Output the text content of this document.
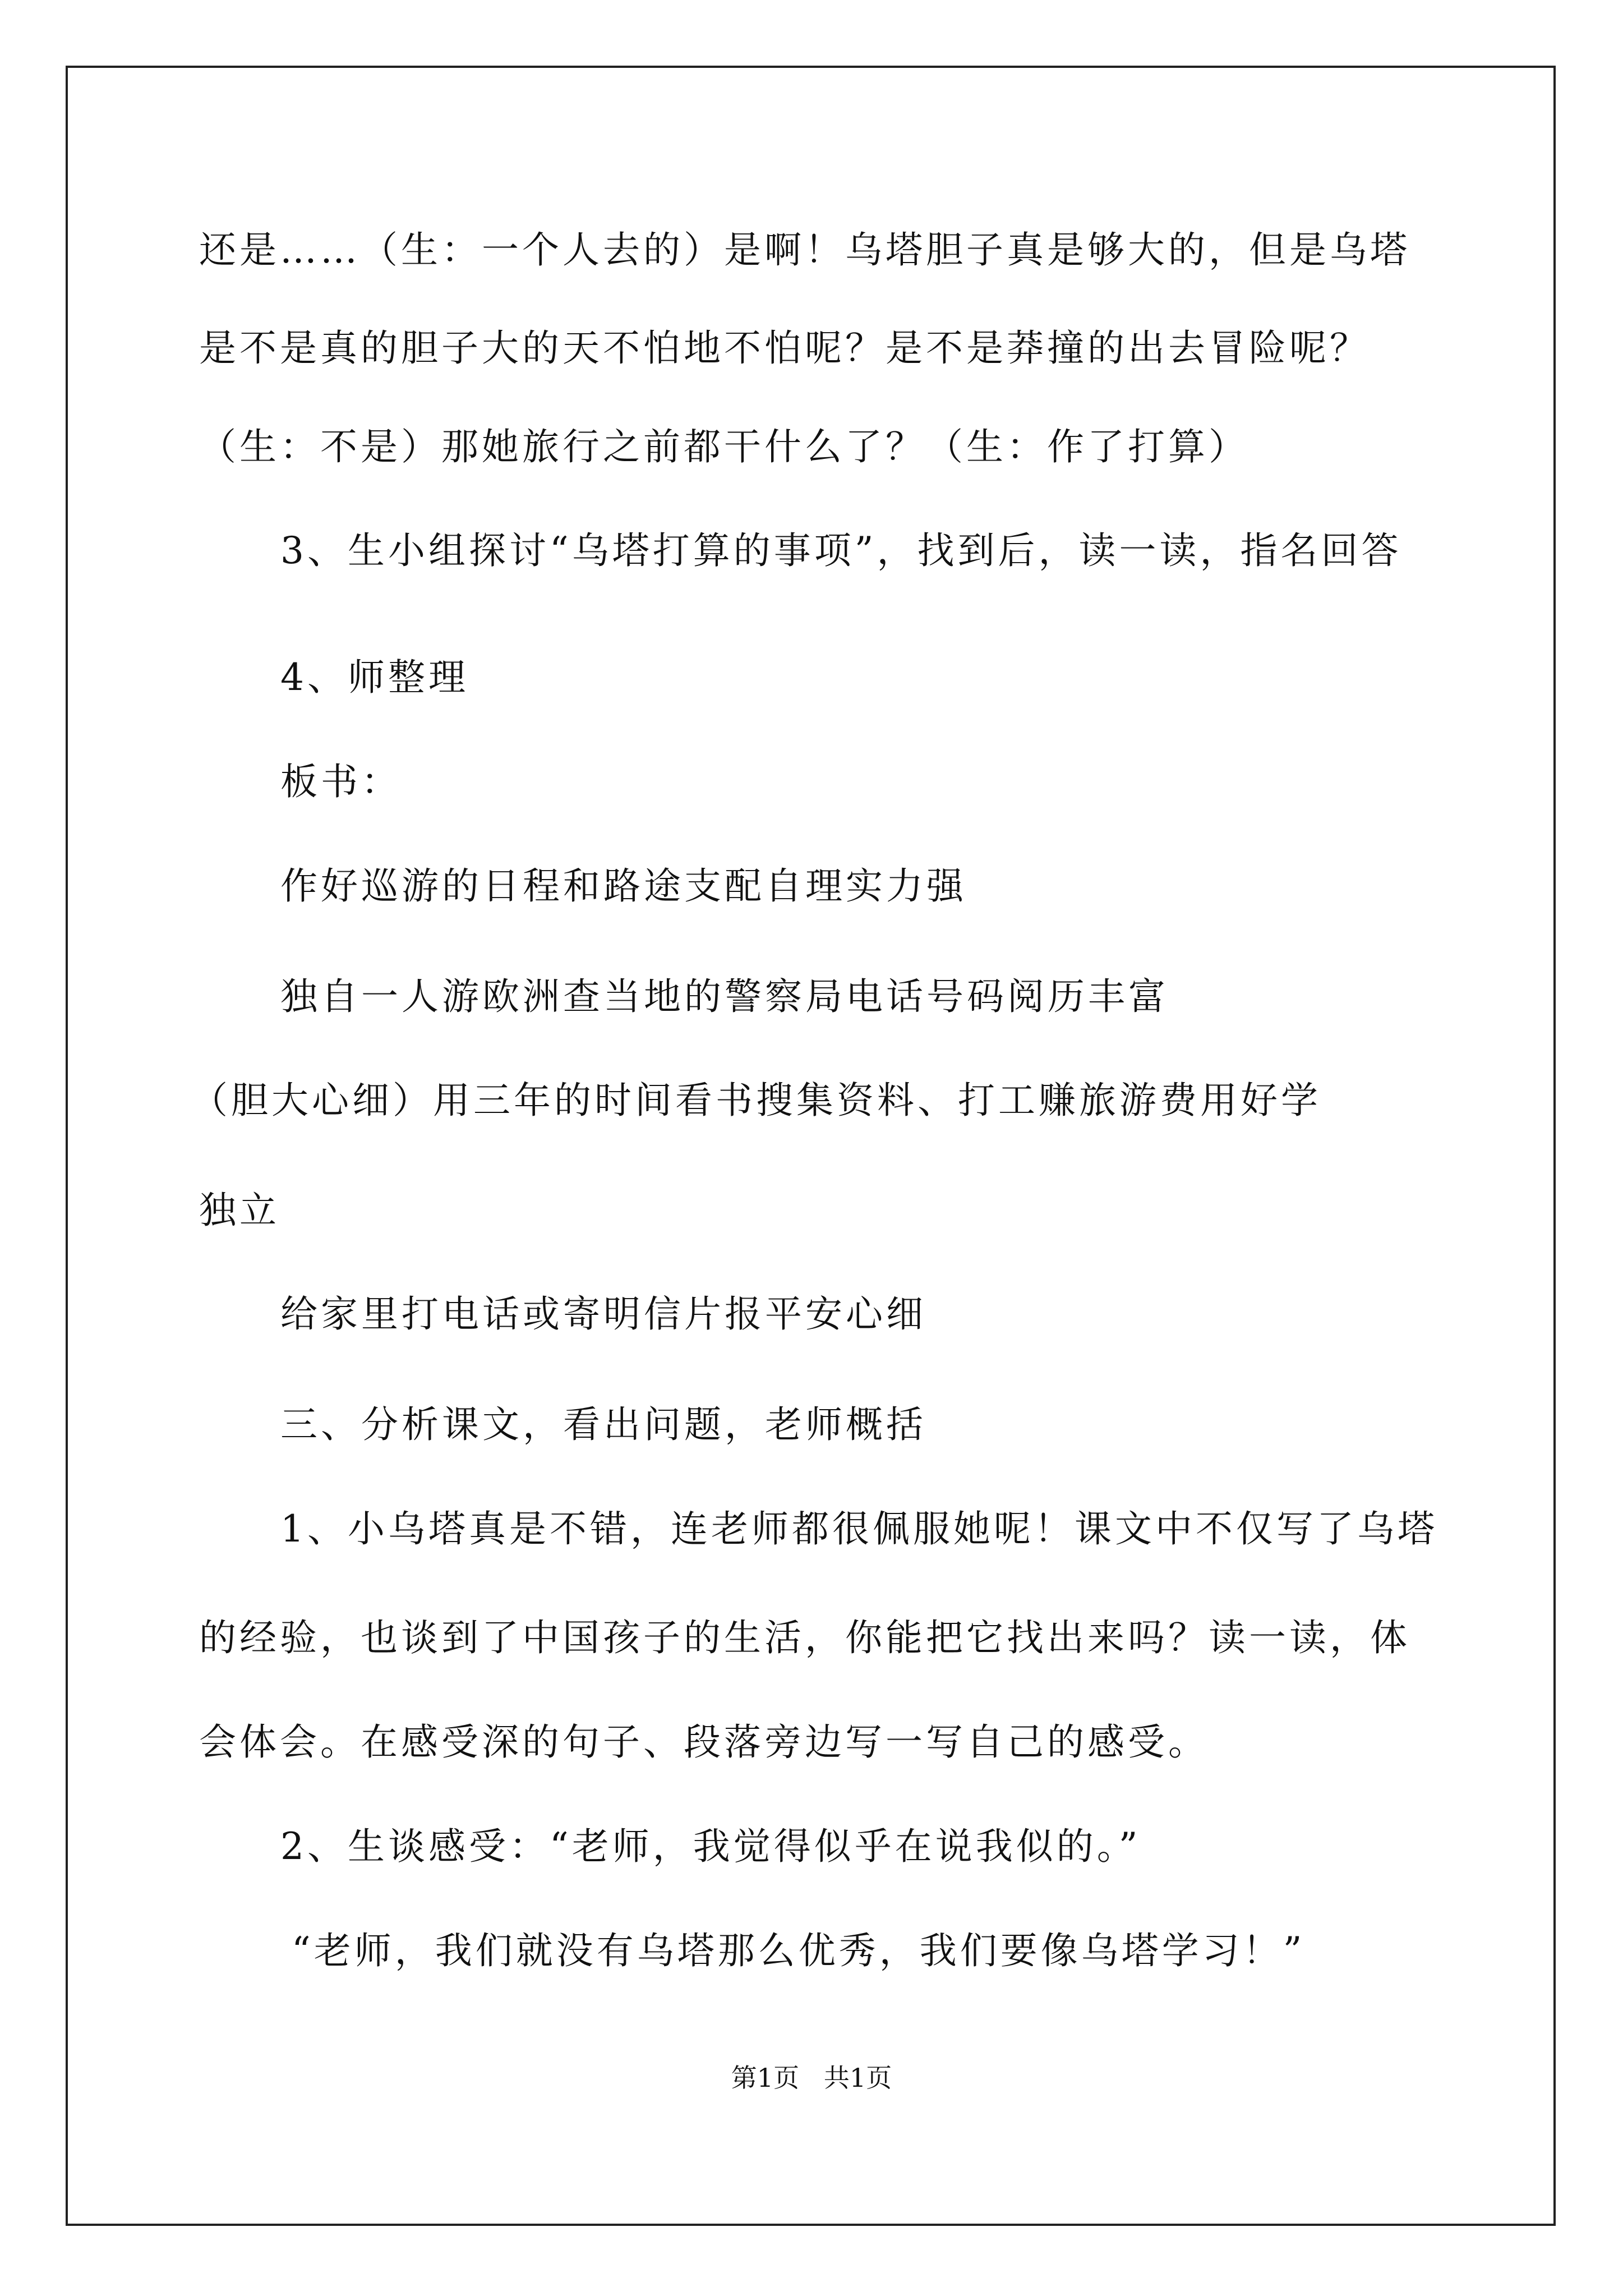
还是……（生：一个人去的）是啊！乌塔胆子真是够大的，但是乌塔
是不是真的胆子大的天不怕地不怕呢？是不是莽撞的出去冒险呢？
（生：不是）那她旅行之前都干什么了？（生：作了打算）
3、生小组探讨“乌塔打算的事项”，找到后，读一读，指名回答
4、师整理
板书：
作好巡游的日程和路途支配自理实力强
独自一人游欧洲查当地的警察局电话号码阅历丰富
（胆大心细）用三年的时间看书搜集资料、打工赚旅游费用好学
独立
给家里打电话或寄明信片报平安心细
三、分析课文，看出问题，老师概括
1、小乌塔真是不错，连老师都很佩服她呢！课文中不仅写了乌塔
的经验，也谈到了中国孩子的生活，你能把它找出来吗？读一读，体
会体会。在感受深的句子、段落旁边写一写自己的感受。
2、生谈感受：“老师，我觉得似乎在说我似的。”
“老师，我们就没有乌塔那么优秀，我们要像乌塔学习！”
第1页   共1页
